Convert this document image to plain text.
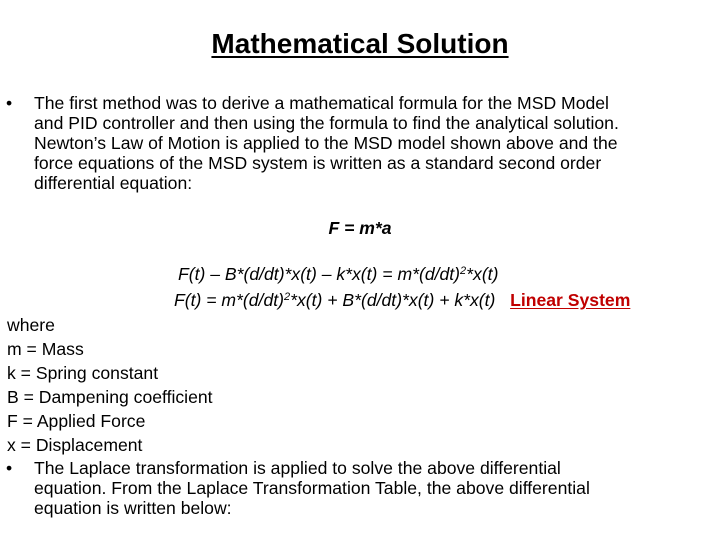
Mathematical Solution
•	The first method was to derive a mathematical formula for the MSD Model
and PID controller and then using the formula to find the analytical solution.
Newton’s Law of Motion is applied to the MSD model shown above and the
force equations of the MSD system is written as a standard second order
differential equation:
F = m*a
$F(t) - B*(d/dt)*x(t) - k*x(t) = m*(d/dt)^2*x(t)$
$F(t) = m*(d/dt)^2*x(t) + B*(d/dt)*x(t) + k*x(t)$ Linear System
where
m = Mass
k = Spring constant
B = Dampening coefficient
F = Applied Force
x = Displacement
•	The Laplace transformation is applied to solve the above differential
equation. From the Laplace Transformation Table, the above differential
equation is written below:
